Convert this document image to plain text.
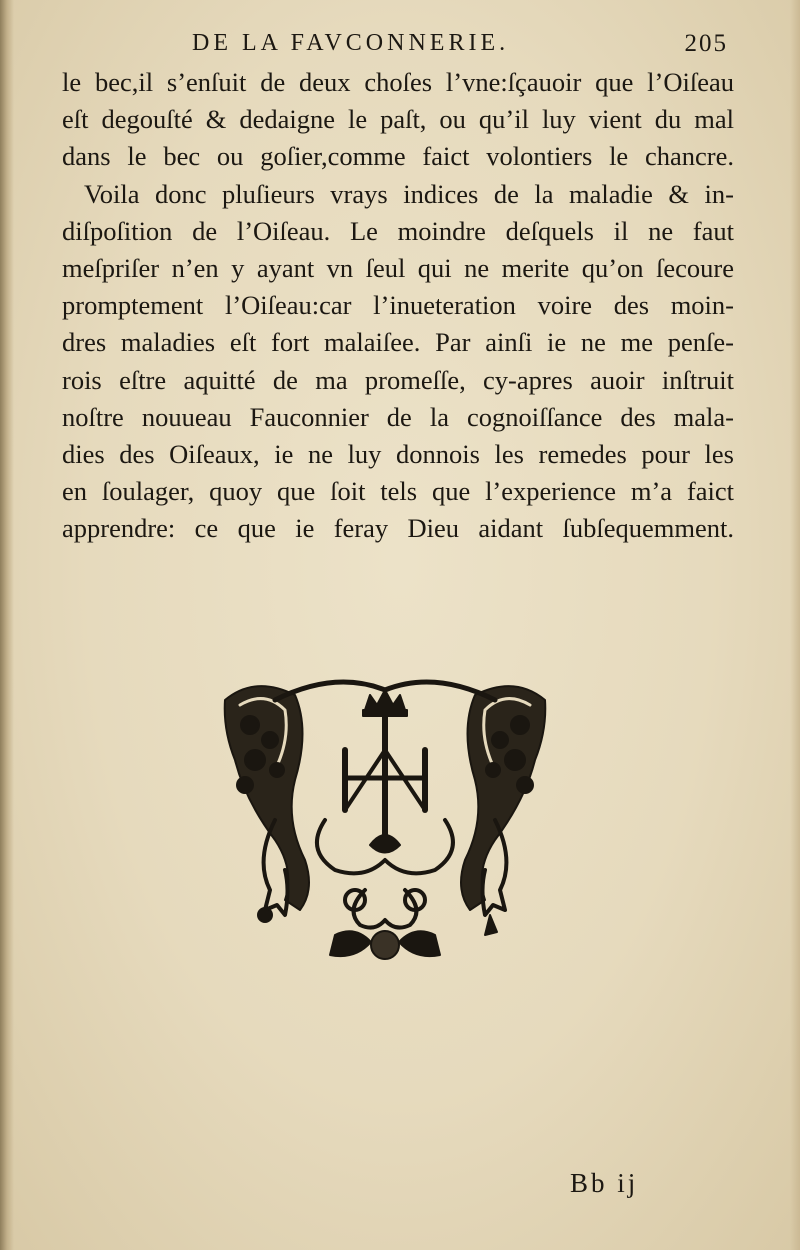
DE LA FAVCONNERIE.	205
le bec,il s’enſuit de deux choſes l’vne:ſçauoir que l’Oiſeau
eſt degouſté & dedaigne le paſt, ou qu’il luy vient du mal
dans le bec ou goſier,comme faict volontiers le chancre.
Voila donc pluſieurs vrays indices de la maladie & in-
diſpoſition de l’Oiſeau. Le moindre deſquels il ne faut
meſpriſer n’en y ayant vn ſeul qui ne merite qu’on ſecoure
promptement l’Oiſeau:car l’inueteration voire des moin-
dres maladies eſt fort malaiſee. Par ainſi ie ne me penſe-
rois eſtre aquitté de ma promeſſe, cy-apres auoir inſtruit
noſtre nouueau Fauconnier de la cognoiſſance des mala-
dies des Oiſeaux, ie ne luy donnois les remedes pour les
en ſoulager, quoy que ſoit tels que l’experience m’a faict
apprendre: ce que ie feray Dieu aidant ſubſequemment.
Bb ij
